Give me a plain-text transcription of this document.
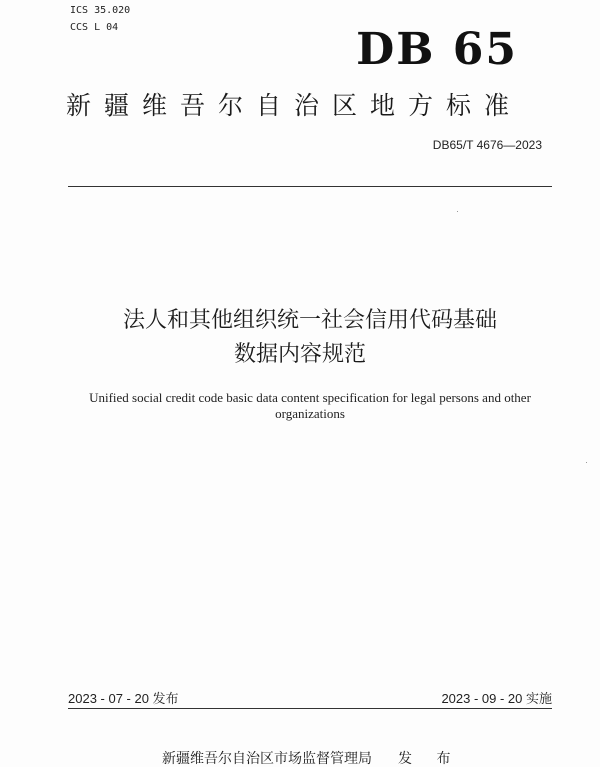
ICS 35.020
CCS L 04	DB 65
新疆维吾尔自治区地方标准
DB65/T 4676—2023
法人和其他组织统一社会信用代码基础
数据内容规范
Unified social credit code basic data content specification for legal persons and other
organizations
2023 - 07 - 20 发布	2023 - 09 - 20 实施
新疆维吾尔自治区市场监督管理局 发 布
